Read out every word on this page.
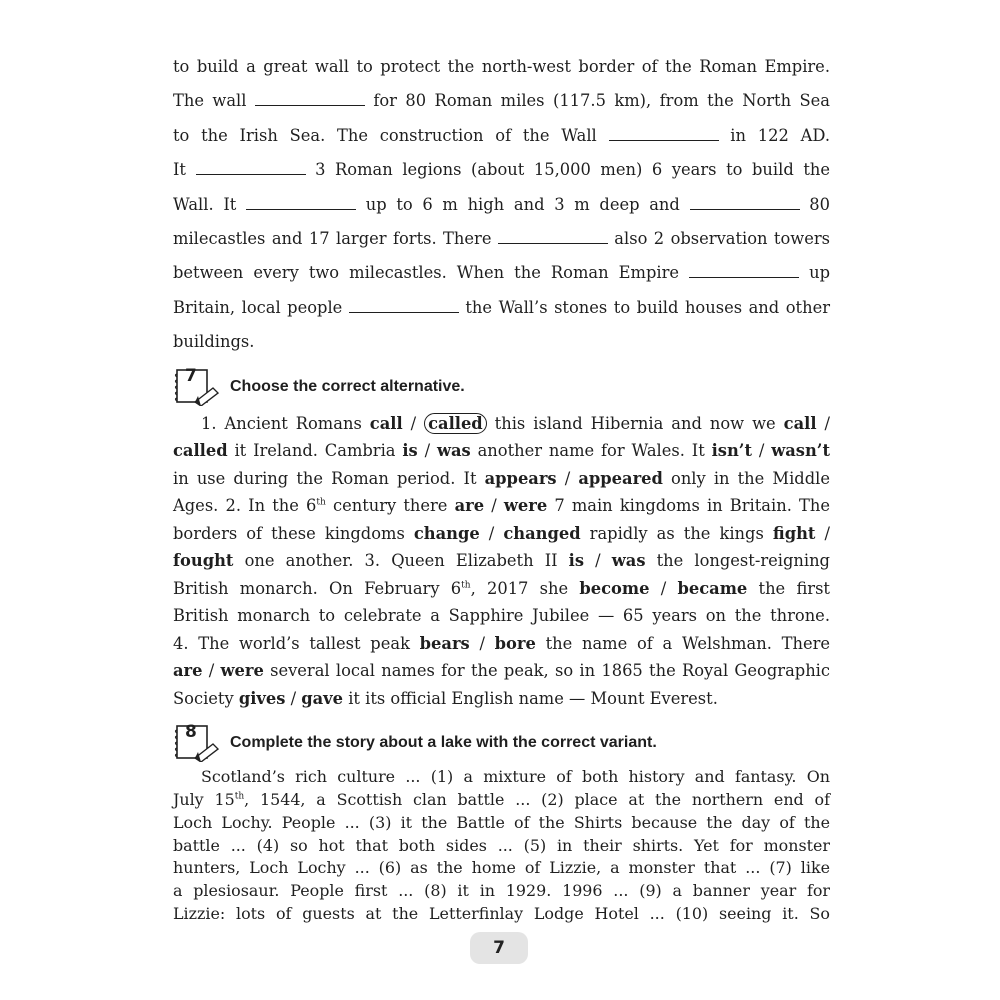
to build a great wall to protect the north-west border of the Roman Empire.
The wall	for 80 Roman miles (117.5 km), from the North Sea
to the Irish Sea. The construction of the Wall	in 122 AD.
It	3 Roman legions (about 15,000 men) 6 years to build the
Wall. It	up to 6 m high and 3 m deep and	80
milecastles and 17 larger forts. There	also 2 observation towers
between every two milecastles. When the Roman Empire	up
Britain, local people	the Wall’s stones to build houses and other
buildings.
7
Choose the correct alternative.
1. Ancient Romans call / called this island Hibernia and now we call /
called it Ireland. Cambria is / was another name for Wales. It isn’t / wasn’t
in use during the Roman period. It appears / appeared only in the Middle
Ages. 2. In the 6th century there are / were 7 main kingdoms in Britain. The
borders of these kingdoms change / changed rapidly as the kings fight /
fought one another. 3. Queen Elizabeth II is / was the longest-reigning
British monarch. On February 6th, 2017 she become / became the first
British monarch to celebrate a Sapphire Jubilee — 65 years on the throne.
4. The world’s tallest peak bears / bore the name of a Welshman. There
are / were several local names for the peak, so in 1865 the Royal Geographic
Society gives / gave it its official English name — Mount Everest.
8
Complete the story about a lake with the correct variant.
Scotland’s rich culture ... (1) a mixture of both history and fantasy. On
July 15th, 1544, a Scottish clan battle ... (2) place at the northern end of
Loch Lochy. People ... (3) it the Battle of the Shirts because the day of the
battle ... (4) so hot that both sides ... (5) in their shirts. Yet for monster
hunters, Loch Lochy ... (6) as the home of Lizzie, a monster that ... (7) like
a plesiosaur. People first ... (8) it in 1929. 1996 ... (9) a banner year for
Lizzie: lots of guests at the Letterfinlay Lodge Hotel ... (10) seeing it. So
7
